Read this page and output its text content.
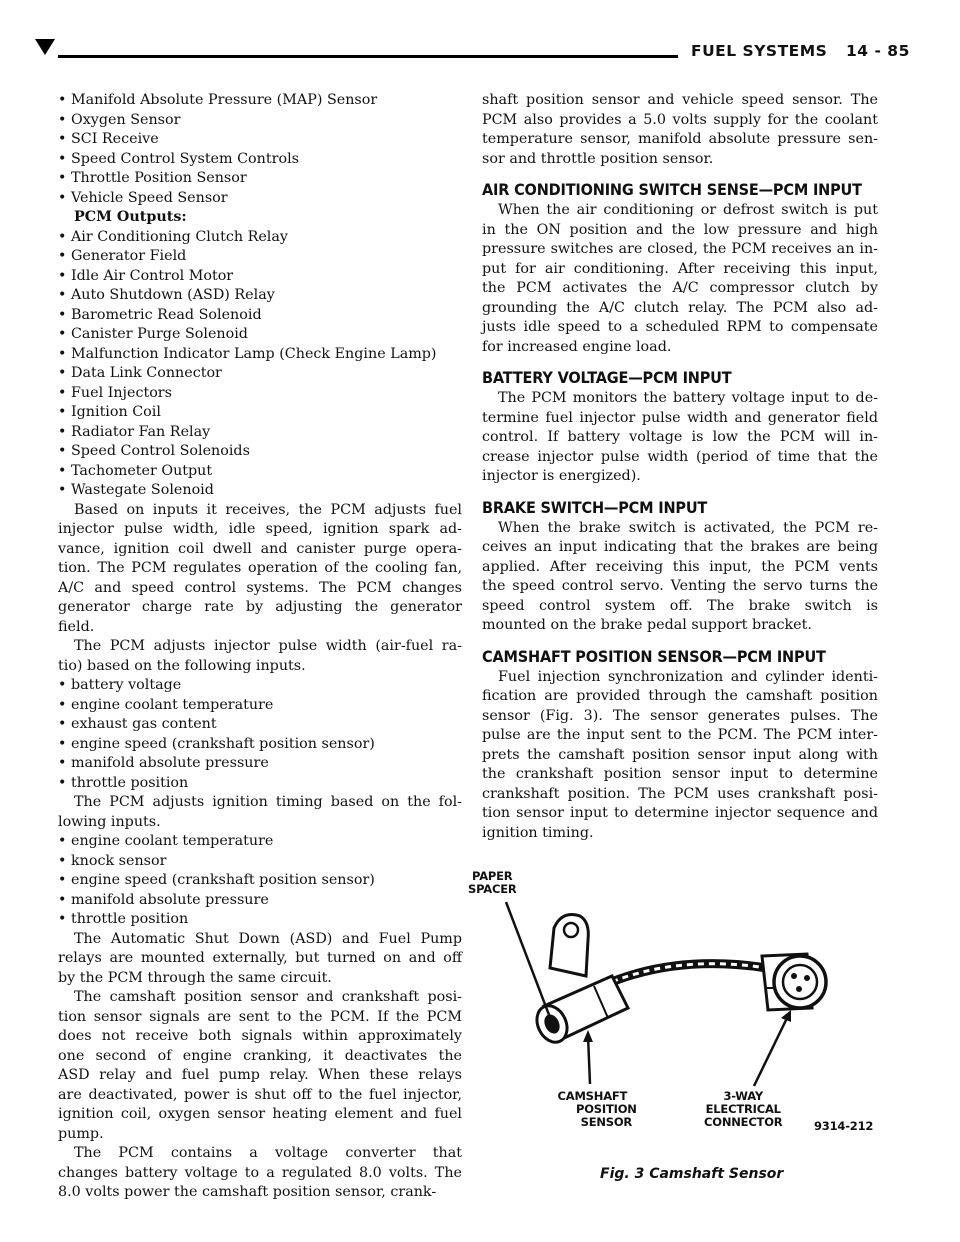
FUEL SYSTEMS 14 - 85
• Manifold Absolute Pressure (MAP) Sensor
• Oxygen Sensor
• SCI Receive
• Speed Control System Controls
• Throttle Position Sensor
• Vehicle Speed Sensor
PCM Outputs:
• Air Conditioning Clutch Relay
• Generator Field
• Idle Air Control Motor
• Auto Shutdown (ASD) Relay
• Barometric Read Solenoid
• Canister Purge Solenoid
• Malfunction Indicator Lamp (Check Engine Lamp)
• Data Link Connector
• Fuel Injectors
• Ignition Coil
• Radiator Fan Relay
• Speed Control Solenoids
• Tachometer Output
• Wastegate Solenoid
Based on inputs it receives, the PCM adjusts fuel
injector pulse width, idle speed, ignition spark ad-
vance, ignition coil dwell and canister purge opera-
tion. The PCM regulates operation of the cooling fan,
A/C and speed control systems. The PCM changes
generator charge rate by adjusting the generator
field.
The PCM adjusts injector pulse width (air-fuel ra-
tio) based on the following inputs.
• battery voltage
• engine coolant temperature
• exhaust gas content
• engine speed (crankshaft position sensor)
• manifold absolute pressure
• throttle position
The PCM adjusts ignition timing based on the fol-
lowing inputs.
• engine coolant temperature
• knock sensor
• engine speed (crankshaft position sensor)
• manifold absolute pressure
• throttle position
The Automatic Shut Down (ASD) and Fuel Pump
relays are mounted externally, but turned on and off
by the PCM through the same circuit.
The camshaft position sensor and crankshaft posi-
tion sensor signals are sent to the PCM. If the PCM
does not receive both signals within approximately
one second of engine cranking, it deactivates the
ASD relay and fuel pump relay. When these relays
are deactivated, power is shut off to the fuel injector,
ignition coil, oxygen sensor heating element and fuel
pump.
The PCM contains a voltage converter that
changes battery voltage to a regulated 8.0 volts. The
8.0 volts power the camshaft position sensor, crank-
shaft position sensor and vehicle speed sensor. The
PCM also provides a 5.0 volts supply for the coolant
temperature sensor, manifold absolute pressure sen-
sor and throttle position sensor.
AIR CONDITIONING SWITCH SENSE—PCM INPUT
When the air conditioning or defrost switch is put
in the ON position and the low pressure and high
pressure switches are closed, the PCM receives an in-
put for air conditioning. After receiving this input,
the PCM activates the A/C compressor clutch by
grounding the A/C clutch relay. The PCM also ad-
justs idle speed to a scheduled RPM to compensate
for increased engine load.
BATTERY VOLTAGE—PCM INPUT
The PCM monitors the battery voltage input to de-
termine fuel injector pulse width and generator field
control. If battery voltage is low the PCM will in-
crease injector pulse width (period of time that the
injector is energized).
BRAKE SWITCH—PCM INPUT
When the brake switch is activated, the PCM re-
ceives an input indicating that the brakes are being
applied. After receiving this input, the PCM vents
the speed control servo. Venting the servo turns the
speed control system off. The brake switch is
mounted on the brake pedal support bracket.
CAMSHAFT POSITION SENSOR—PCM INPUT
Fuel injection synchronization and cylinder identi-
fication are provided through the camshaft position
sensor (Fig. 3). The sensor generates pulses. The
pulse are the input sent to the PCM. The PCM inter-
prets the camshaft position sensor input along with
the crankshaft position sensor input to determine
crankshaft position. The PCM uses crankshaft posi-
tion sensor input to determine injector sequence and
ignition timing.
PAPER
SPACER
CAMSHAFT
POSITION
SENSOR
3-WAY
ELECTRICAL
CONNECTOR	9314-212
Fig. 3 Camshaft Sensor
